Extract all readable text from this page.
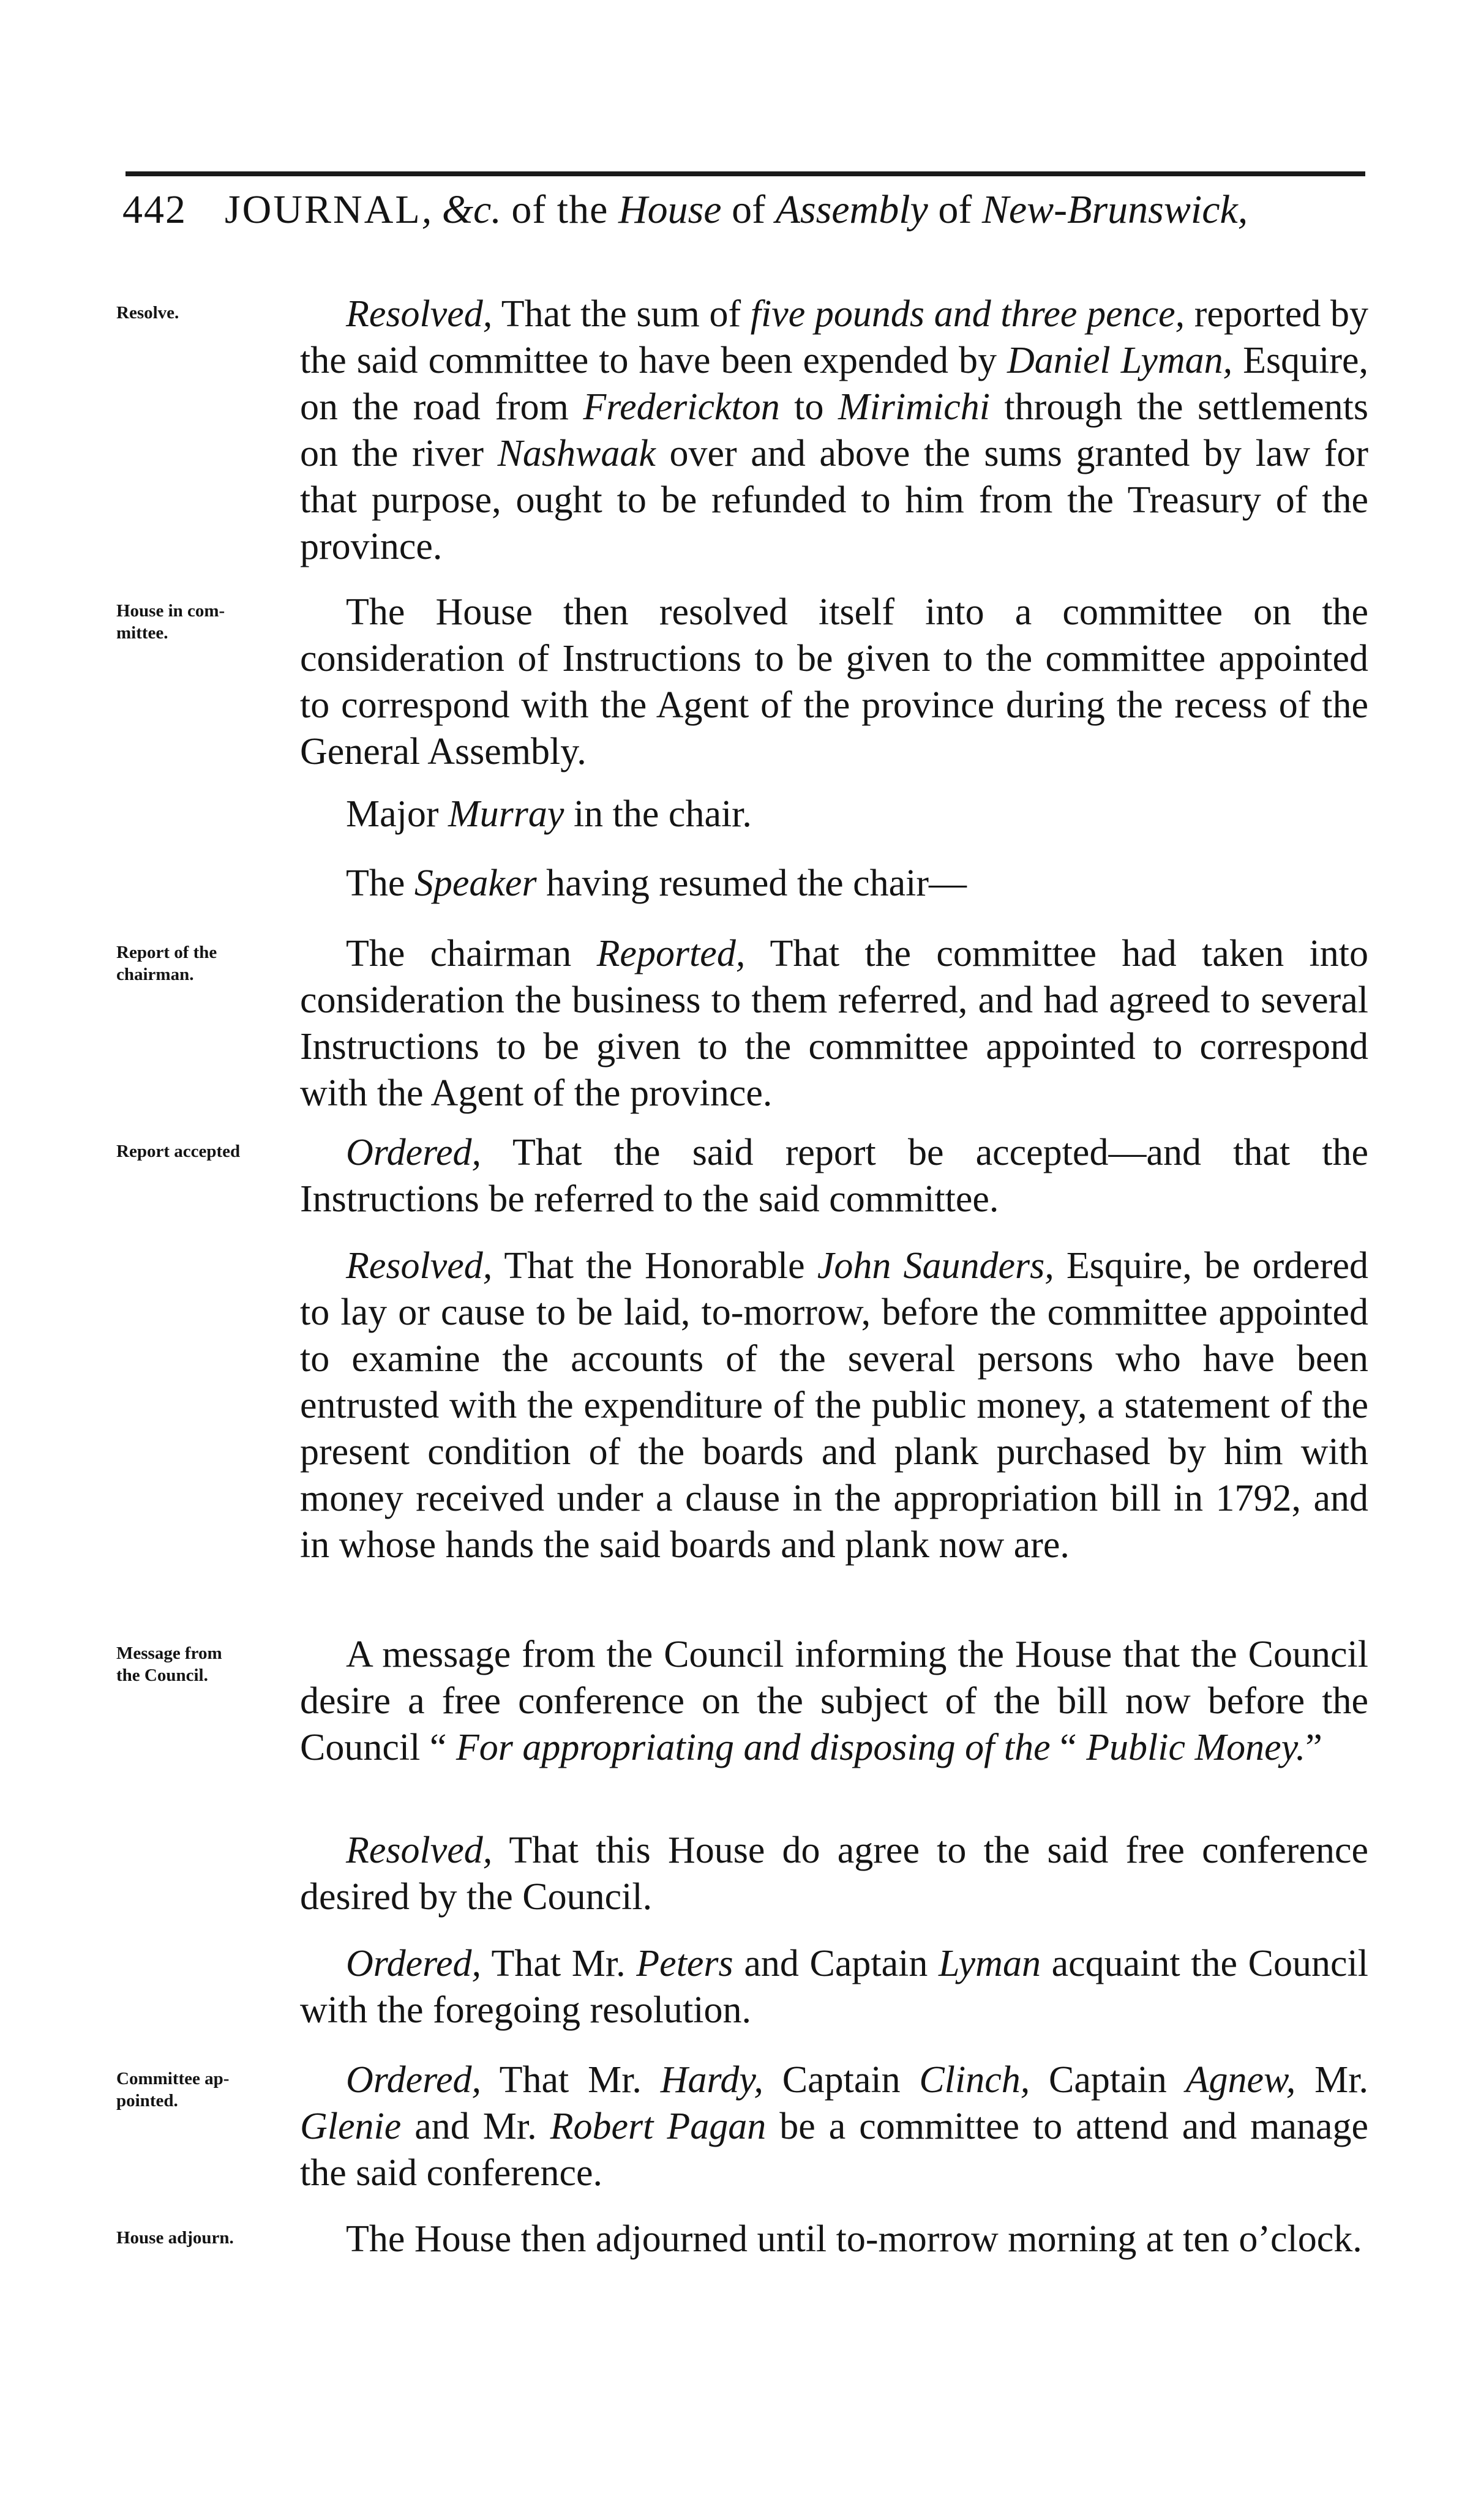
442 JOURNAL , &c.
of the
House
of
Assembly
of
New-Brunswick,
Resolve.	Resolved, That the sum of five pounds and three pence, reported by the said committee to have been expended by Daniel Lyman, Esquire, on the road from Frederickton to Mirimichi through the settlements on the river Nashwaak over and above the sums granted by law for that purpose, ought to be refunded to him from the Treasury of the province.
House in com-
mittee.	The House then resolved itself into a committee on the consideration of Instructions to be given to the committee appointed to correspond with the Agent of the province during the recess of the General Assembly.
Major Murray in the chair.
The Speaker having resumed the chair—
Report of the
chairman.	The chairman Reported, That the committee had taken into consideration the business to them referred, and had agreed to several Instructions to be given to the committee appointed to correspond with the Agent of the province.
Report accepted	Ordered, That the said report be accepted—and that the Instructions be referred to the said committee.
Resolved, That the Honorable John Saunders, Esquire, be ordered to lay or cause to be laid, to-morrow, before the committee appointed to examine the accounts of the several persons who have been entrusted with the expenditure of the public money, a statement of the present condition of the boards and plank purchased by him with money received under a clause in the appropriation bill in 1792, and in whose hands the said boards and plank now are.
Message from
the Council.	A message from the Council informing the House that the Council desire a free conference on the subject of the bill now before the Council “ For appropriating and disposing of the “ Public Money.”
Resolved, That this House do agree to the said free conference desired by the Council.
Ordered, That Mr. Peters and Captain Lyman acquaint the Council with the foregoing resolution.
Committee ap-
pointed.	Ordered, That Mr. Hardy, Captain Clinch, Captain Agnew, Mr. Glenie and Mr. Robert Pagan be a committee to attend and manage the said conference.
House adjourn.	The House then adjourned until to-morrow morning at ten o’clock.
